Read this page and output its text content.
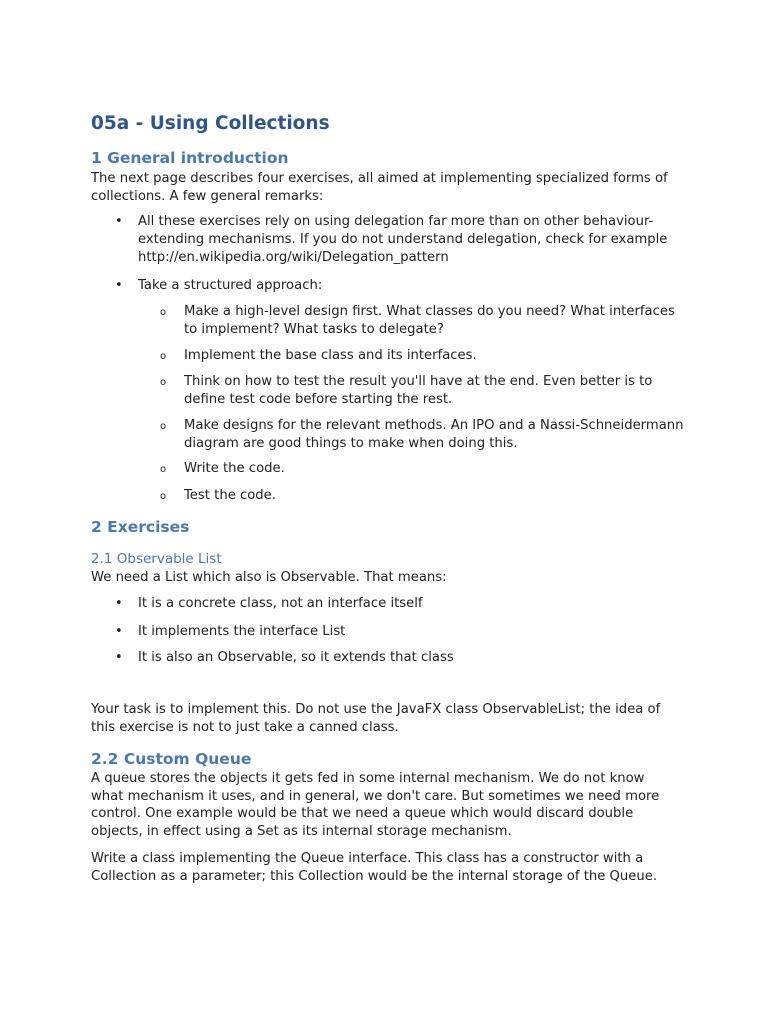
05a - Using Collections
1 General introduction

The next page describes four exercises, all aimed at implementing specialized forms of collections. A few general remarks:

• All these exercises rely on using delegation far more than on other behaviour-extending mechanisms. If you do not understand delegation, check for example http://en.wikipedia.org/wiki/Delegation_pattern

• Take a structured approach:

o Make a high-level design first. What classes do you need? What interfaces to implement? What tasks to delegate?

o Implement the base class and its interfaces.

o Think on how to test the result you'll have at the end. Even better is to define test code before starting the rest.

o Make designs for the relevant methods. An IPO and a Nassi-Schneidermann diagram are good things to make when doing this.

o Write the code.

o Test the code.

2 Exercises
2.1 Observable List

We need a List which also is Observable. That means:

• It is a concrete class, not an interface itself

• It implements the interface List

• It is also an Observable, so it extends that class

Your task is to implement this. Do not use the JavaFX class ObservableList; the idea of this exercise is not to just take a canned class.

2.2 Custom Queue

A queue stores the objects it gets fed in some internal mechanism. We do not know what mechanism it uses, and in general, we don't care. But sometimes we need more control. One example would be that we need a queue which would discard double objects, in effect using a Set as its internal storage mechanism.

Write a class implementing the Queue interface. This class has a constructor with a Collection as a parameter; this Collection would be the internal storage of the Queue.
